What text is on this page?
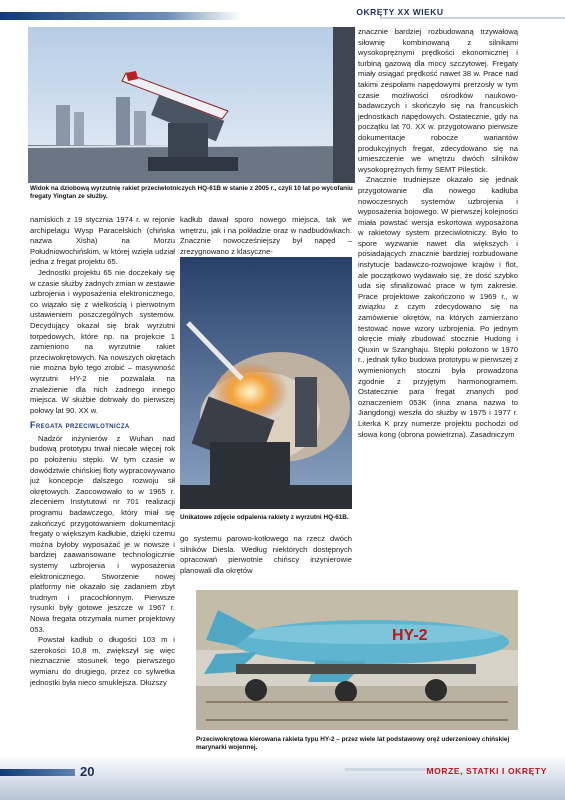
OKRĘTY XX WIEKU
Widok na dziobową wyrzutnię rakiet przeciwlotniczych HQ-61B w stanie z 2005 r., czyli 10 lat po wycofaniu fregaty Yingtan ze służby.

znacznie bardziej rozbudowaną trzywałową siłownię kombinowaną z silnikami wysokoprężnymi prędkości ekonomicznej i turbiną gazową dla mocy szczytowej. Fregaty miały osiągać prędkość nawet 38 w. Prace nad takimi zespołami napędowymi prerzosły w tym czasie możliwości ośrodków naukowo-badawczych i skończyło się na francuskich jednostkach napędowych. Ostatecznie, gdy na początku lat 70. XX w. przygotowano pierwsze dokumentacje robocze wariantów produkcyjnych fregat, zdecydowano się na umieszczenie we wnętrzu dwóch silników wysokoprężnych firmy SEMT Pilestick.

Znacznie trudniejsze okazało się jednak przygotowanie dla nowego kadłuba nowoczesnych systemów uzbrojenia i wyposażenia bojowego. W pierwszej kolejności miała powstać wersja eskortowa wyposażona w rakietowy system przeciwlotniczy. Było to spore wyzwanie nawet dla większych i posiadających znacznie bardziej rozbudowane instytucje badawczo-rozwojowe krajów i flot, ale początkowo wydawało się, że dość szybko uda się sfinalizować prace w tym zakresie. Prace projektowe zakończono w 1969 r., w związku z czym zdecydowano się na zamówienie okrętów, na których zamierzano testować nowe wzory uzbrojenia. Po jednym okręcie miały zbudować stocznie Hudong i Qiuxin w Szanghaju. Stępki położono w 1970 r., jednak tylko budowa prototypu w pierwszej z wymienionych stoczni była prowadzona zgodnie z przyjętym harmonogramem. Ostatecznie para fregat znanych pod oznaczeniem 053K (inna znana nazwa to Jiangdong) weszła do służby w 1975 i 1977 r. Literka K przy numerze projektu pochodzi od słowa kong (obrona powietrzna). Zasadniczym

namiskich z 19 stycznia 1974 r. w rejonie archipelagu Wysp Paracelskich (chińska nazwa Xisha) na Morzu Południowochińskim, w której wzięła udział jedna z fregat projektu 65.

Jednostki projektu 65 nie doczekały się w czasie służby żadnych zmian w zestawie uzbrojenia i wyposażenia elektronicznego, co wiązało się z wielkością i pierwotnym ustawieniem poszczególnych systemów. Decydujący okazał się brak wyrzutni torpedowych, które np. na projekcie 1 zamieniono na wyrzutnie rakiet przeciwokrętowych. Na nowszych okrętach nie można było tego zrobić – masywność wyrzutni HY-2 nie pozwalała na znalezienie dla nich żadnego innego miejsca. W służbie dotrwały do pierwszej połowy lat 90. XX w.

Fregata przeciwlotnicza

Nadzór inżynierów z Wuhan nad budową prototypu trwał niecałe więcej rok po położeniu stępki. W tym czasie w dowództwie chińskiej floty wypracowywano już koncepcje dalszego rozwoju sił okrętowych. Zaocowowało to w 1965 r. zleceniem Instytutowi nr 701 realizacji programu badawczego, który miał się zakończyć przygotowaniem dokumentacji fregaty o większym kadłubie, dzięki czemu można byłoby wyposażać je w nowsze i bardziej zaawansowane technologicznie systemy uzbrojenia i wyposażenia elektronicznego. Stworzenie nowej platformy nie okazało się zadaniem zbyt trudnym i pracochłonnym. Pierwsze rysunki były gotowe jeszcze w 1967 r. Nowa fregata otrzymała numer projektowy 053.

Powstał kadłub o długości 103 m i szerokości 10,8 m, zwiększył się więc nieznacznie stosunek tego pierwszego wymiaru do drugiego, przez co sylwetka jednostki była nieco smuklejsza. Dłuższy

kadłub dawał sporo nowego miejsca, tak we wnętrzu, jak i na pokładzie oraz w nadbudówkach. Znacznie nowocześniejszy był napęd – zrezygnowano z klasyczne-

Unikatowe zdjęcie odpalenia rakiety z wyrzutni HQ-61B.

go systemu parowo-kotłowego na rzecz dwóch silników Diesla. Według niektórych dostępnych opracowań pierwotnie chińscy inżynierowie planowali dla okrętów

HY-2
Przeciwokrętowa kierowana rakieta typu HY-2 – przez wiele lat podstawowy oręż uderzeniowy chińskiej marynarki wojennej.
20	MORZE, STATKI I OKRĘTY
